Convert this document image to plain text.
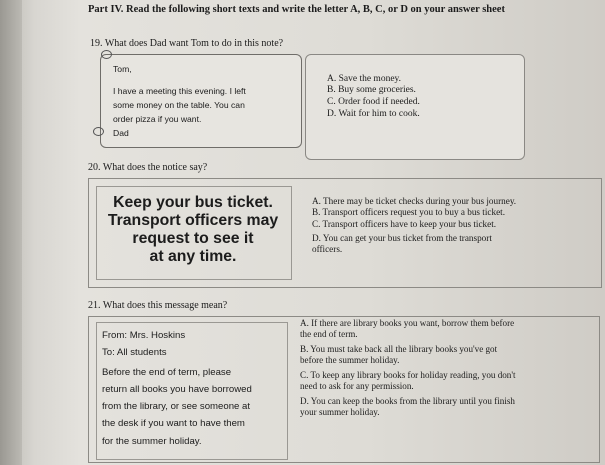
Part IV. Read the following short texts and write the letter A, B, C, or D on your answer sheet
19. What does Dad want Tom to do in this note?
Tom,
I have a meeting this evening. I left
some money on the table. You can
order pizza if you want.
Dad
A. Save the money.
B. Buy some groceries.
C. Order food if needed.
D. Wait for him to cook.
20. What does the notice say?
Keep your bus ticket.
Transport officers may
request to see it
at any time.
A. There may be ticket checks during your bus journey.
B. Transport officers request you to buy a bus ticket.
C. Transport officers have to keep your bus ticket.
D. You can get your bus ticket from the transport
officers.
21. What does this message mean?
From: Mrs. Hoskins
To: All students
Before the end of term, please
return all books you have borrowed
from the library, or see someone at
the desk if you want to have them
for the summer holiday.
A. If there are library books you want, borrow them before
the end of term.
B. You must take back all the library books you've got
before the summer holiday.
C. To keep any library books for holiday reading, you don't
need to ask for any permission.
D. You can keep the books from the library until you finish
your summer holiday.
